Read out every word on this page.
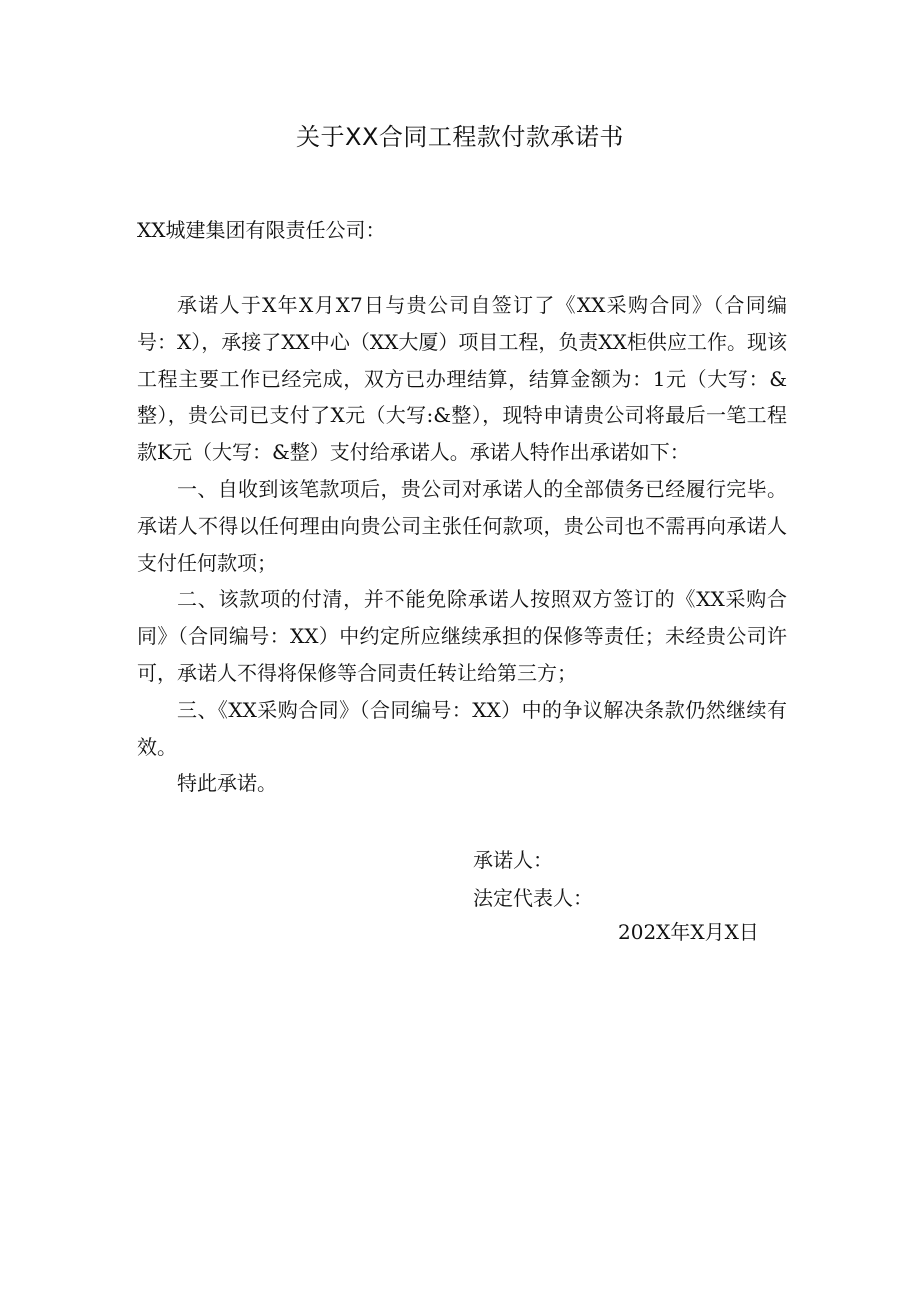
关于XX合同工程款付款承诺书
XX城建集团有限责任公司：

承诺人于X年X月X7日与贵公司自签订了《XX采购合同》（合同编号：X），承接了XX中心（XX大厦）项目工程，负责XX柜供应工作。现该工程主要工作已经完成，双方已办理结算，结算金额为：1元（大写：&整），贵公司已支付了X元（大写:&整），现特申请贵公司将最后一笔工程款K元（大写：&整）支付给承诺人。承诺人特作出承诺如下：

一、自收到该笔款项后，贵公司对承诺人的全部债务已经履行完毕。承诺人不得以任何理由向贵公司主张任何款项，贵公司也不需再向承诺人支付任何款项；

二、该款项的付清，并不能免除承诺人按照双方签订的《XX采购合同》（合同编号：XX）中约定所应继续承担的保修等责任；未经贵公司许可，承诺人不得将保修等合同责任转让给第三方；

三、《XX采购合同》（合同编号：XX）中的争议解决条款仍然继续有效。

特此承诺。

承诺人：
法定代表人：
202X年X月X日
